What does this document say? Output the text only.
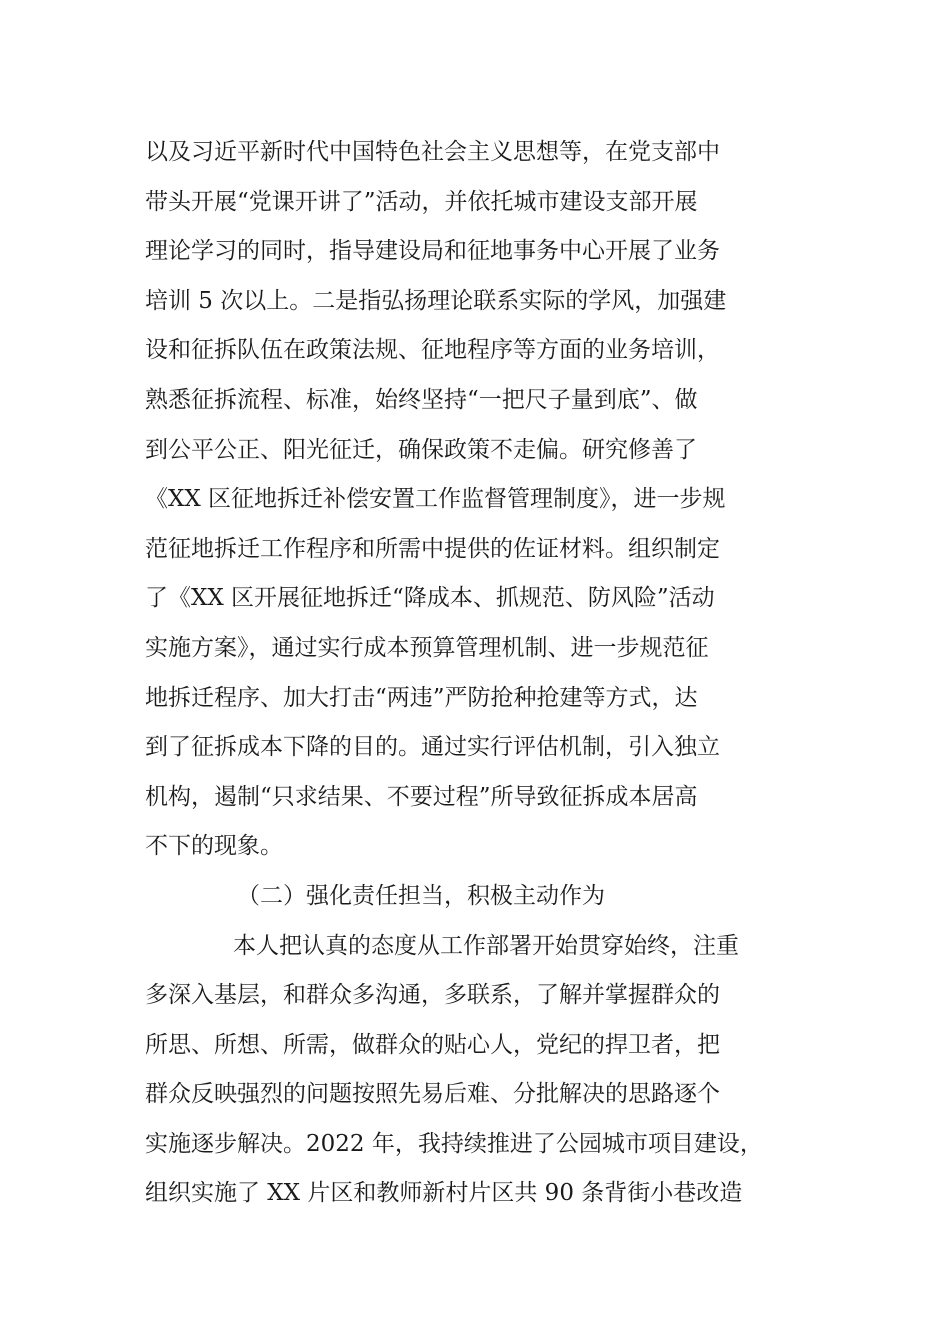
以及习近平新时代中国特色社会主义思想等，在党支部中
带头开展“党课开讲了”活动，并依托城市建设支部开展
理论学习的同时，指导建设局和征地事务中心开展了业务
培训 5 次以上。二是指弘扬理论联系实际的学风，加强建
设和征拆队伍在政策法规、征地程序等方面的业务培训，
熟悉征拆流程、标准，始终坚持“一把尺子量到底”、做
到公平公正、阳光征迁，确保政策不走偏。研究修善了
《XX 区征地拆迁补偿安置工作监督管理制度》，进一步规
范征地拆迁工作程序和所需中提供的佐证材料。组织制定
了《XX 区开展征地拆迁“降成本、抓规范、防风险”活动
实施方案》，通过实行成本预算管理机制、进一步规范征
地拆迁程序、加大打击“两违”严防抢种抢建等方式，达
到了征拆成本下降的目的。通过实行评估机制，引入独立
机构，遏制“只求结果、不要过程”所导致征拆成本居高
不下的现象。
（二）强化责任担当，积极主动作为
本人把认真的态度从工作部署开始贯穿始终，注重
多深入基层，和群众多沟通，多联系，了解并掌握群众的
所思、所想、所需，做群众的贴心人，党纪的捍卫者，把
群众反映强烈的问题按照先易后难、分批解决的思路逐个
实施逐步解决。2022 年，我持续推进了公园城市项目建设，
组织实施了 XX 片区和教师新村片区共 90 条背街小巷改造
